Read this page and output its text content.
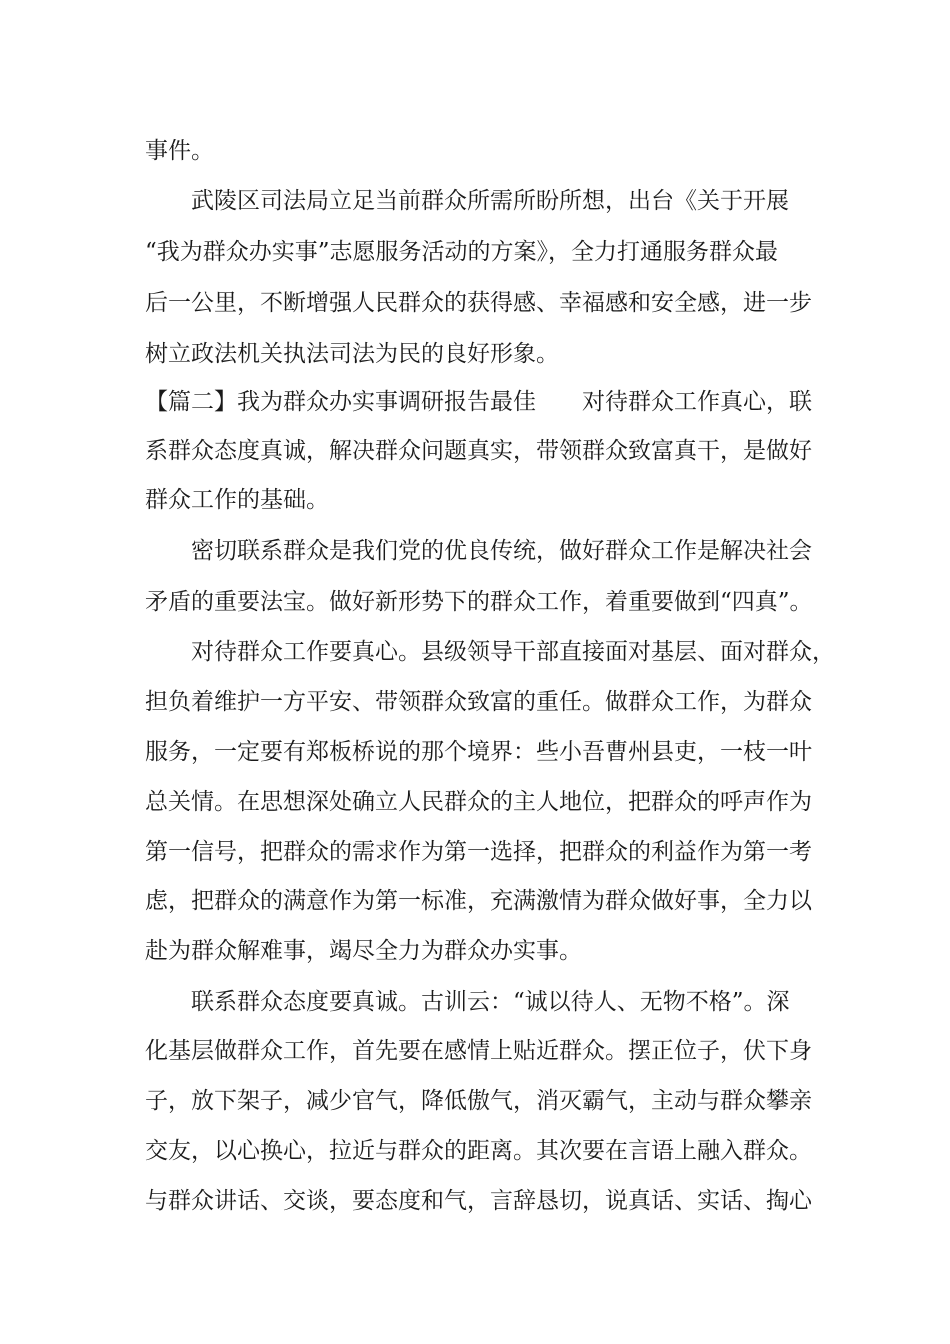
事件。
武陵区司法局立足当前群众所需所盼所想，出台《关于开展
“我为群众办实事”志愿服务活动的方案》，全力打通服务群众最
后一公里，不断增强人民群众的获得感、幸福感和安全感，进一步
树立政法机关执法司法为民的良好形象。
【篇二】我为群众办实事调研报告最佳 对待群众工作真心，联
系群众态度真诚，解决群众问题真实，带领群众致富真干，是做好
群众工作的基础。
密切联系群众是我们党的优良传统，做好群众工作是解决社会
矛盾的重要法宝。做好新形势下的群众工作，着重要做到“四真”。
对待群众工作要真心。县级领导干部直接面对基层、面对群众，
担负着维护一方平安、带领群众致富的重任。做群众工作，为群众
服务，一定要有郑板桥说的那个境界：些小吾曹州县吏，一枝一叶
总关情。在思想深处确立人民群众的主人地位，把群众的呼声作为
第一信号，把群众的需求作为第一选择，把群众的利益作为第一考
虑，把群众的满意作为第一标准，充满激情为群众做好事，全力以
赴为群众解难事，竭尽全力为群众办实事。
联系群众态度要真诚。古训云：“诚以待人、无物不格”。深
化基层做群众工作，首先要在感情上贴近群众。摆正位子，伏下身
子，放下架子，减少官气，降低傲气，消灭霸气，主动与群众攀亲
交友，以心换心，拉近与群众的距离。其次要在言语上融入群众。
与群众讲话、交谈，要态度和气，言辞恳切，说真话、实话、掏心
